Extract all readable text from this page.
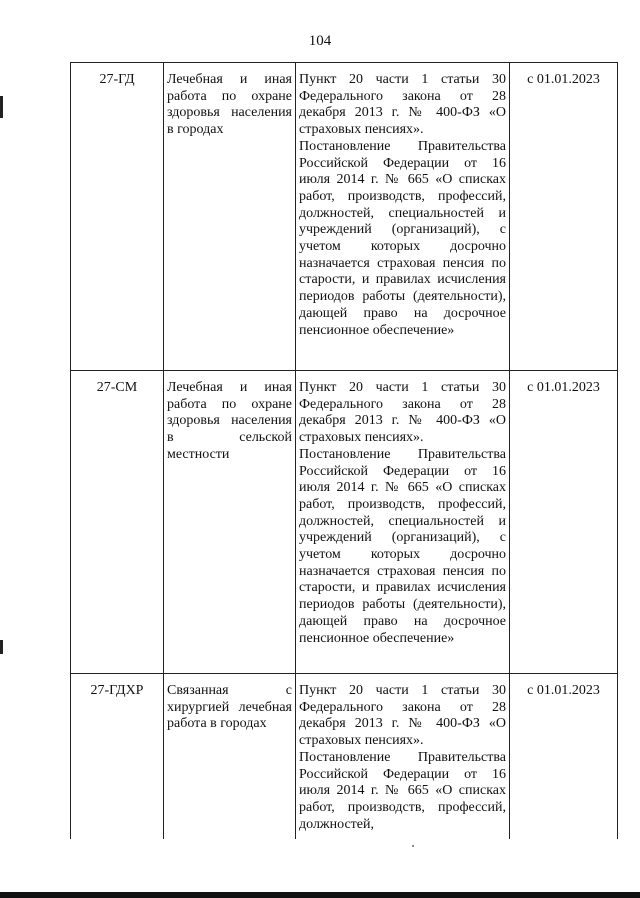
104
27-ГД	Лечебная и иная работа по охране здоровья населения в городах	Пункт 20 части 1 статьи 30 Федерального закона от 28 декабря 2013 г. № 400-ФЗ «О страховых пенсиях».
Постановление Правительства Российской Федерации от 16 июля 2014 г. № 665 «О списках работ, производств, профессий, должностей, специальностей и учреждений (организаций), с учетом которых досрочно назначается страховая пенсия по старости, и правилах исчисления периодов работы (деятельности), дающей право на досрочное пенсионное обеспечение»	с 01.01.2023
27-СМ	Лечебная и иная работа по охране здоровья населения в сельской местности	Пункт 20 части 1 статьи 30 Федерального закона от 28 декабря 2013 г. № 400-ФЗ «О страховых пенсиях».
Постановление Правительства Российской Федерации от 16 июля 2014 г. № 665 «О списках работ, производств, профессий, должностей, специальностей и учреждений (организаций), с учетом которых досрочно назначается страховая пенсия по старости, и правилах исчисления периодов работы (деятельности), дающей право на досрочное пенсионное обеспечение»	с 01.01.2023
27-ГДХР	Связанная с хирургией лечебная работа в городах	Пункт 20 части 1 статьи 30 Федерального закона от 28 декабря 2013 г. № 400-ФЗ «О страховых пенсиях».
Постановление Правительства Российской Федерации от 16 июля 2014 г. № 665 «О списках работ, производств, профессий, должностей,	с 01.01.2023
